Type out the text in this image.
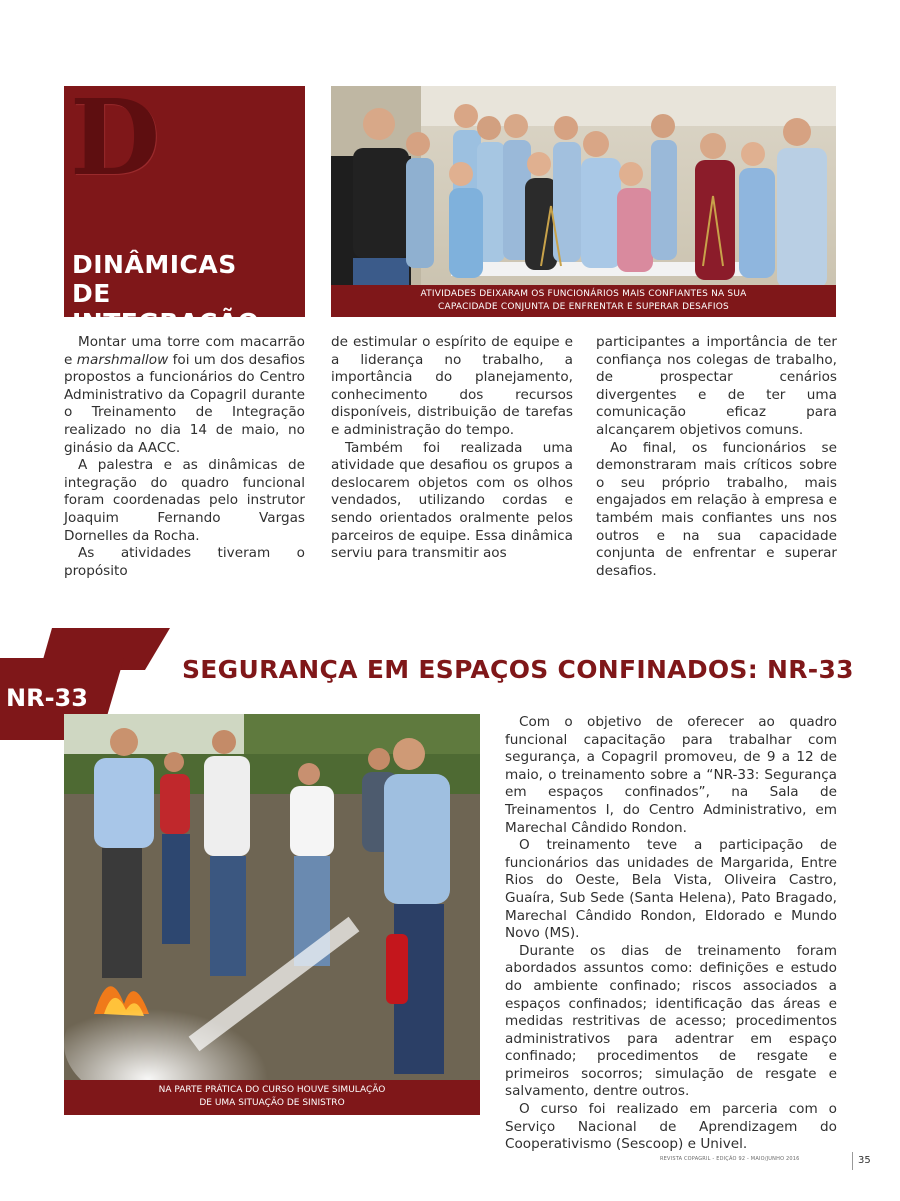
D
DINÂMICAS
DE INTEGRAÇÃO
ATIVIDADES DEIXARAM OS FUNCIONÁRIOS MAIS CONFIANTES NA SUA
CAPACIDADE CONJUNTA DE ENFRENTAR E SUPERAR DESAFIOS

Montar uma torre com macarrão e marshmallow foi um dos desafios propostos a funcionários do Centro Administrativo da Copagril durante o Treinamento de Integração realizado no dia 14 de maio, no ginásio da AACC.

A palestra e as dinâmicas de integração do quadro funcional foram coordenadas pelo instrutor Joaquim Fernando Vargas Dornelles da Rocha.

As atividades tiveram o propósito

de estimular o espírito de equipe e a liderança no trabalho, a importância do planejamento, conhecimento dos recursos disponíveis, distribuição de tarefas e administração do tempo.

Também foi realizada uma atividade que desafiou os grupos a deslocarem objetos com os olhos vendados, utilizando cordas e sendo orientados oralmente pelos parceiros de equipe. Essa dinâmica serviu para transmitir aos

participantes a importância de ter confiança nos colegas de trabalho, de prospectar cenários divergentes e de ter uma comunicação eficaz para alcançarem objetivos comuns.

Ao final, os funcionários se demonstraram mais críticos sobre o seu próprio trabalho, mais engajados em relação à empresa e também mais confiantes uns nos outros e na sua capacidade conjunta de enfrentar e superar desafios.

NR-33
SEGURANÇA EM ESPAÇOS CONFINADOS: NR-33
NA PARTE PRÁTICA DO CURSO HOUVE SIMULAÇÃO
DE UMA SITUAÇÃO DE SINISTRO

Com o objetivo de oferecer ao quadro funcional capacitação para trabalhar com segurança, a Copagril promoveu, de 9 a 12 de maio, o treinamento sobre a “NR-33: Segurança em espaços confinados”, na Sala de Treinamentos I, do Centro Administrativo, em Marechal Cândido Rondon.

O treinamento teve a participação de funcionários das unidades de Margarida, Entre Rios do Oeste, Bela Vista, Oliveira Castro, Guaíra, Sub Sede (Santa Helena), Pato Bragado, Marechal Cândido Rondon, Eldorado e Mundo Novo (MS).

Durante os dias de treinamento foram abordados assuntos como: definições e estudo do ambiente confinado; riscos associados a espaços confinados; identificação das áreas e medidas restritivas de acesso; procedimentos administrativos para adentrar em espaço confinado; procedimentos de resgate e primeiros socorros; simulação de resgate e salvamento, dentre outros.

O curso foi realizado em parceria com o Serviço Nacional de Aprendizagem do Cooperativismo (Sescoop) e Univel.

REVISTA COPAGRIL - EDIÇÃO 92 - MAIO/JUNHO 2016	35
